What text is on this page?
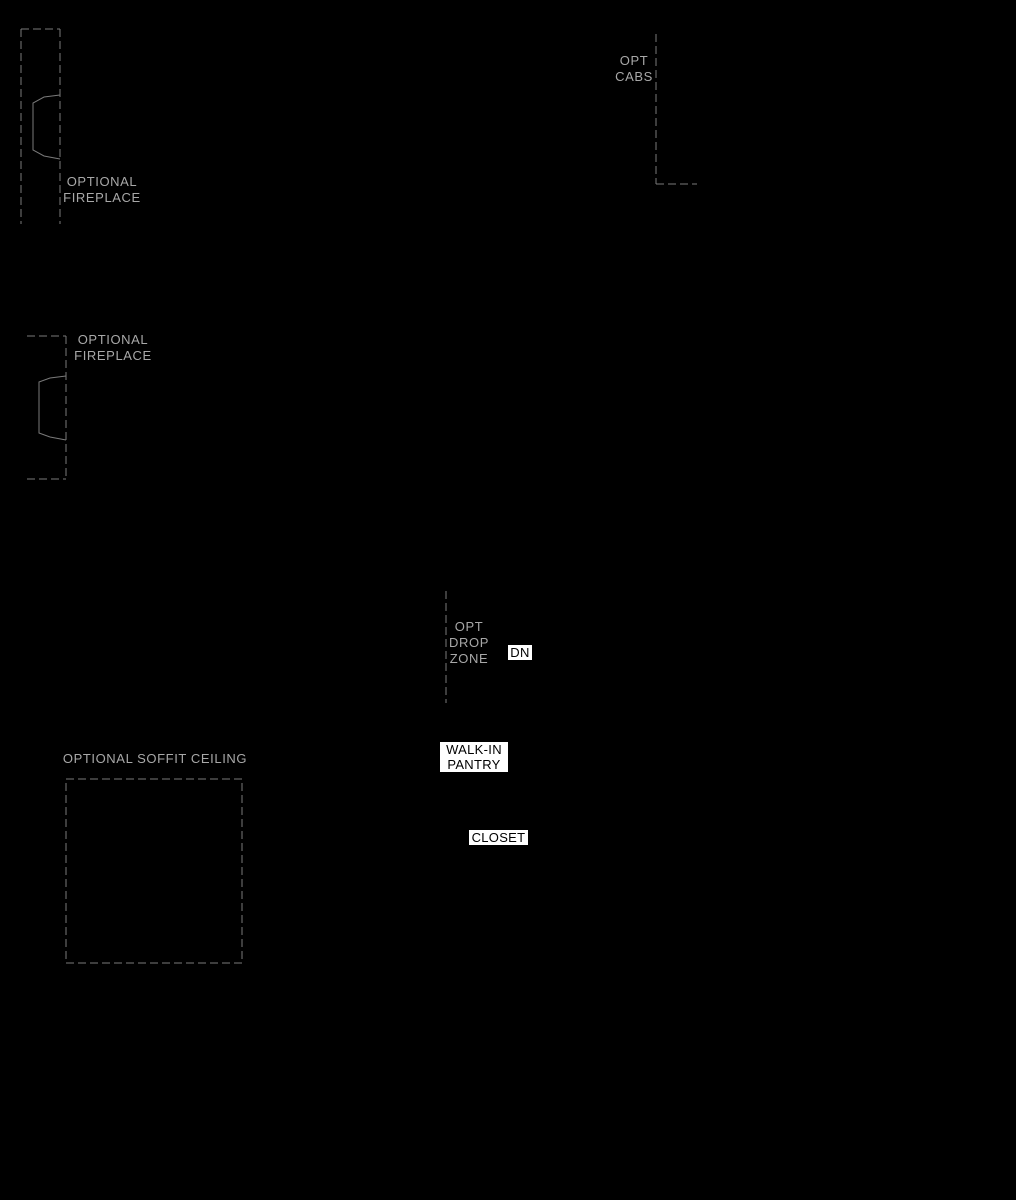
OPTIONAL
FIREPLACE
OPT
CABS
OPTIONAL
FIREPLACE
OPT
DROP
ZONE	DN
WALK-IN
PANTRY
OPTIONAL SOFFIT CEILING
CLOSET
